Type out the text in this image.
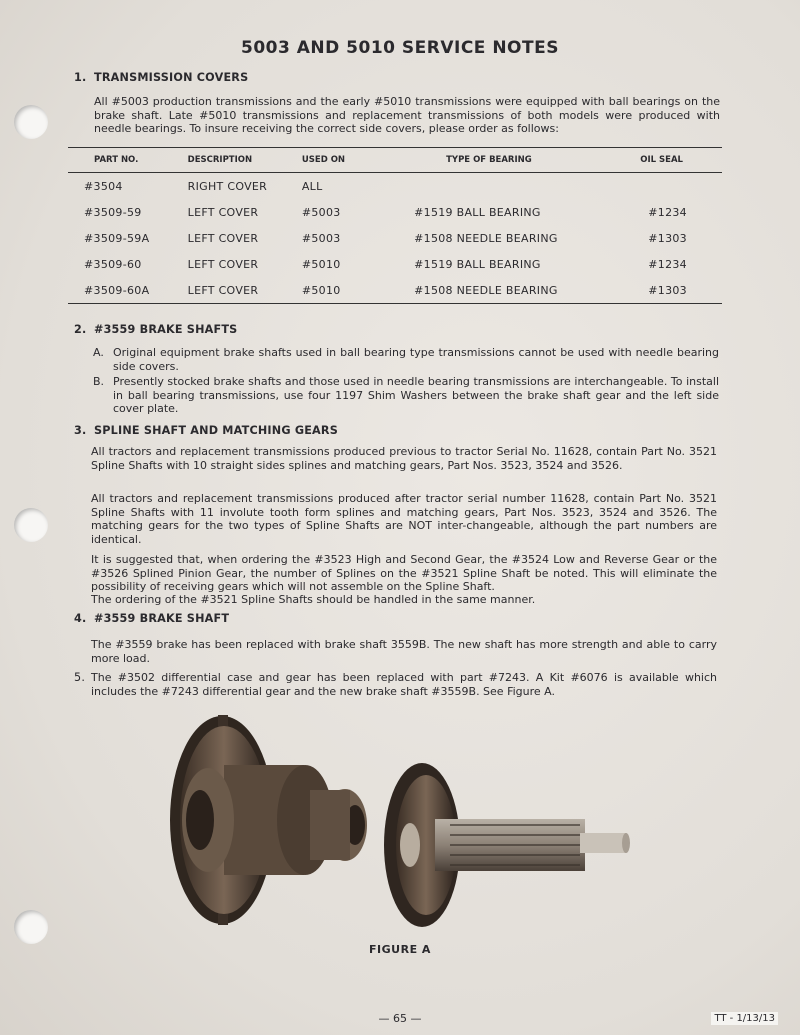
5003 AND 5010 SERVICE NOTES
1. TRANSMISSION COVERS
All #5003 production transmissions and the early #5010 transmissions were equipped with ball bearings on the brake shaft. Late #5010 transmissions and replacement transmissions of both models were produced with needle bearings. To insure receiving the correct side covers, please order as follows:
PART NO.	DESCRIPTION	USED ON	TYPE OF BEARING	OIL SEAL
#3504	RIGHT COVER	ALL		
#3509-59	LEFT COVER	#5003	#1519 BALL BEARING	#1234
#3509-59A	LEFT COVER	#5003	#1508 NEEDLE BEARING	#1303
#3509-60	LEFT COVER	#5010	#1519 BALL BEARING	#1234
#3509-60A	LEFT COVER	#5010	#1508 NEEDLE BEARING	#1303
2. #3559 BRAKE SHAFTS
A. Original equipment brake shafts used in ball bearing type transmissions cannot be used with needle bearing side covers.
B. Presently stocked brake shafts and those used in needle bearing transmissions are interchangeable. To install in ball bearing transmissions, use four 1197 Shim Washers between the brake shaft gear and the left side cover plate.
3. SPLINE SHAFT AND MATCHING GEARS
All tractors and replacement transmissions produced previous to tractor Serial No. 11628, contain Part No. 3521 Spline Shafts with 10 straight sides splines and matching gears, Part Nos. 3523, 3524 and 3526.
All tractors and replacement transmissions produced after tractor serial number 11628, contain Part No. 3521 Spline Shafts with 11 involute tooth form splines and matching gears, Part Nos. 3523, 3524 and 3526. The matching gears for the two types of Spline Shafts are NOT inter-changeable, although the part numbers are identical.
It is suggested that, when ordering the #3523 High and Second Gear, the #3524 Low and Reverse Gear or the #3526 Splined Pinion Gear, the number of Splines on the #3521 Spline Shaft be noted. This will eliminate the possibility of receiving gears which will not assemble on the Spline Shaft.
The ordering of the #3521 Spline Shafts should be handled in the same manner.
4. #3559 BRAKE SHAFT
The #3559 brake has been replaced with brake shaft 3559B. The new shaft has more strength and able to carry more load.
5. The #3502 differential case and gear has been replaced with part #7243. A Kit #6076 is available which includes the #7243 differential gear and the new brake shaft #3559B. See Figure A.
FIGURE A
— 65 —	TT - 1/13/13
